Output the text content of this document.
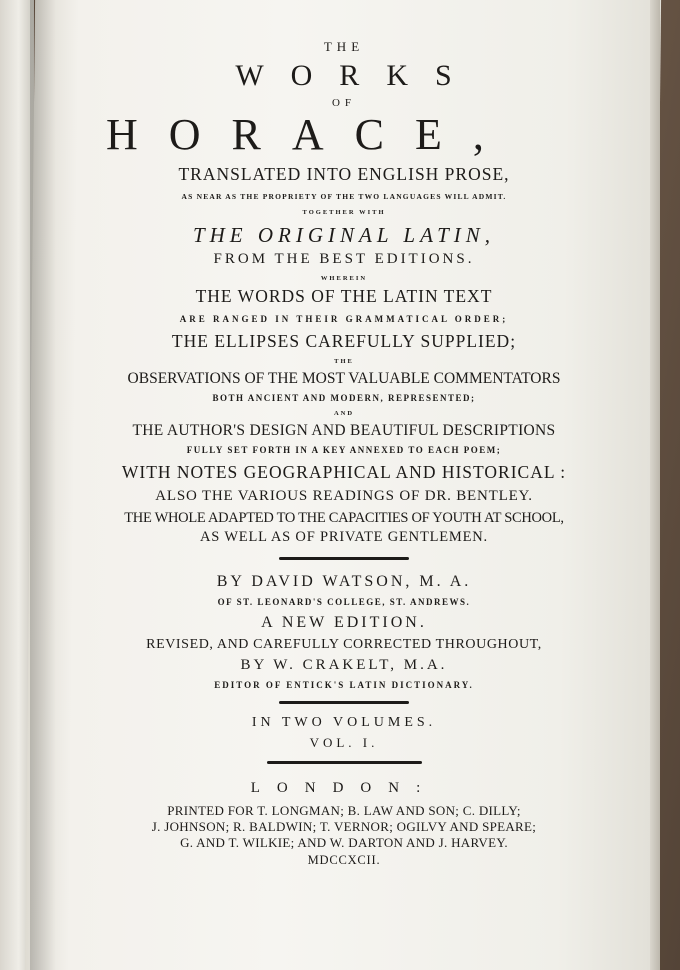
THE
WORKS
OF
HORACE,
TRANSLATED INTO ENGLISH PROSE,
AS NEAR AS THE PROPRIETY OF THE TWO LANGUAGES WILL ADMIT.
TOGETHER WITH
THE ORIGINAL LATIN,
FROM THE BEST EDITIONS.
WHEREIN
THE WORDS OF THE LATIN TEXT
ARE RANGED IN THEIR GRAMMATICAL ORDER;
THE ELLIPSES CAREFULLY SUPPLIED;
THE
OBSERVATIONS OF THE MOST VALUABLE COMMENTATORS
BOTH ANCIENT AND MODERN, REPRESENTED;
AND
THE AUTHOR'S DESIGN AND BEAUTIFUL DESCRIPTIONS
FULLY SET FORTH IN A KEY ANNEXED TO EACH POEM;
WITH NOTES GEOGRAPHICAL AND HISTORICAL :
ALSO THE VARIOUS READINGS OF DR. BENTLEY.
THE WHOLE ADAPTED TO THE CAPACITIES OF YOUTH AT SCHOOL,
AS WELL AS OF PRIVATE GENTLEMEN.
BY DAVID WATSON, M. A.
OF ST. LEONARD'S COLLEGE, ST. ANDREWS.
A NEW EDITION.
REVISED, AND CAREFULLY CORRECTED THROUGHOUT,
BY W. CRAKELT, M.A.
EDITOR OF ENTICK'S LATIN DICTIONARY.
IN TWO VOLUMES.
VOL. I.
LONDON:
PRINTED FOR T. LONGMAN; B. LAW AND SON; C. DILLY;
J. JOHNSON; R. BALDWIN; T. VERNOR; OGILVY AND SPEARE;
G. AND T. WILKIE; AND W. DARTON AND J. HARVEY.
MDCCXCII.
